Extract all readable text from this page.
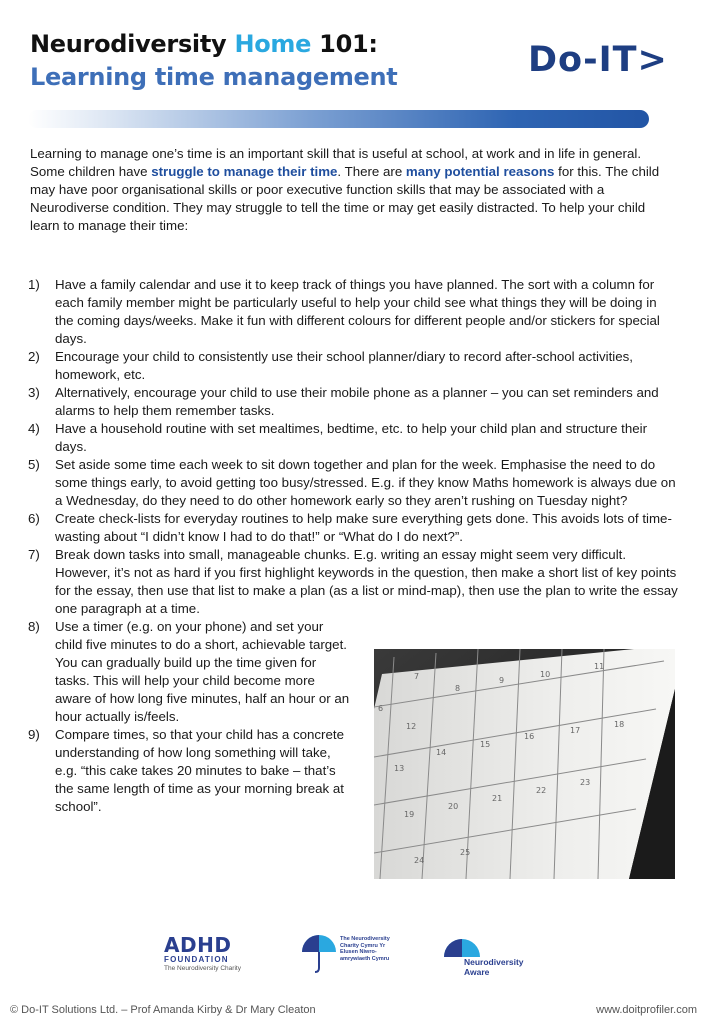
Neurodiversity Home 101:
Learning time management	Do-IT>

Learning to manage one’s time is an important skill that is useful at school, at work and in life in general. Some children have struggle to manage their time. There are many potential reasons for this. The child may have poor organisational skills or poor executive function skills that may be associated with a Neurodiverse condition. They may struggle to tell the time or may get easily distracted. To help your child learn to manage their time:

1) Have a family calendar and use it to keep track of things you have planned. The sort with a column for each family member might be particularly useful to help your child see what things they will be doing in the coming days/weeks. Make it fun with different colours for different people and/or stickers for special days.
2) Encourage your child to consistently use their school planner/diary to record after-school activities, homework, etc.
3) Alternatively, encourage your child to use their mobile phone as a planner – you can set reminders and alarms to help them remember tasks.
4) Have a household routine with set mealtimes, bedtime, etc. to help your child plan and structure their days.
5) Set aside some time each week to sit down together and plan for the week. Emphasise the need to do some things early, to avoid getting too busy/stressed. E.g. if they know Maths homework is always due on a Wednesday, do they need to do other homework early so they aren’t rushing on Tuesday night?
6) Create check-lists for everyday routines to help make sure everything gets done. This avoids lots of time-wasting about “I didn’t know I had to do that!” or “What do I do next?”.
7) Break down tasks into small, manageable chunks. E.g. writing an essay might seem very difficult. However, it’s not as hard if you first highlight keywords in the question, then make a short list of key points for the essay, then use that list to make a plan (as a list or mind-map), then use the plan to write the essay one paragraph at a time.
8) Use a timer (e.g. on your phone) and set your child five minutes to do a short, achievable target. You can gradually build up the time given for tasks. This will help your child become more aware of how long five minutes, half an hour or an hour actually is/feels.
9) Compare times, so that your child has a concrete understanding of how long something will take, e.g. “this cake takes 20 minutes to bake – that’s the same length of time as your morning break at school”.
7
8
9
6
10
11
12
13
14
15
16
17
18
19
20
21
22
23
24
25
ADHD
FOUNDATION
The Neurodiversity Charity
The Neurodiversity Charity Cymru Yr Elusen Niwro-amrywiaeth Cymru	Neurodiversity
Aware
© Do-IT Solutions Ltd. – Prof Amanda Kirby & Dr Mary Cleaton	www.doitprofiler.com
